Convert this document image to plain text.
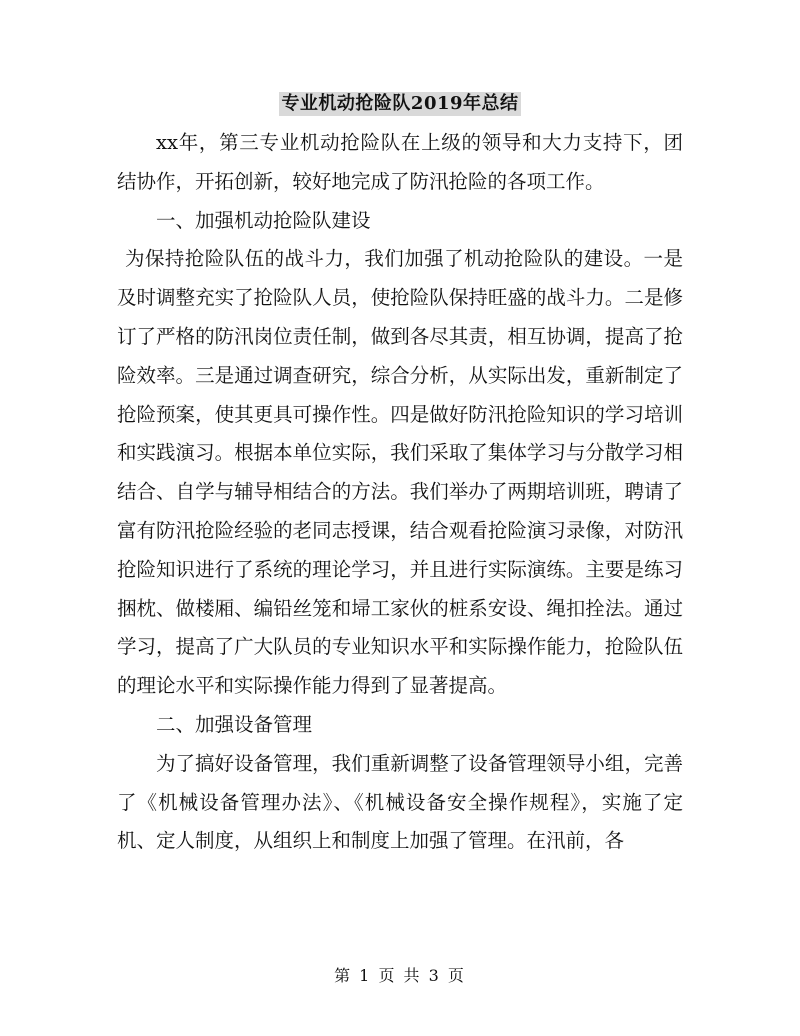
专业机动抢险队2019年总结

xx年，第三专业机动抢险队在上级的领导和大力支持下，团结协作，开拓创新，较好地完成了防汛抢险的各项工作。

一、加强机动抢险队建设

为保持抢险队伍的战斗力，我们加强了机动抢险队的建设。一是及时调整充实了抢险队人员，使抢险队保持旺盛的战斗力。二是修订了严格的防汛岗位责任制，做到各尽其责，相互协调，提高了抢险效率。三是通过调查研究，综合分析，从实际出发，重新制定了抢险预案，使其更具可操作性。四是做好防汛抢险知识的学习培训和实践演习。根据本单位实际，我们采取了集体学习与分散学习相结合、自学与辅导相结合的方法。我们举办了两期培训班，聘请了富有防汛抢险经验的老同志授课，结合观看抢险演习录像，对防汛抢险知识进行了系统的理论学习，并且进行实际演练。主要是练习捆枕、做楼厢、编铅丝笼和埽工家伙的桩系安设、绳扣拴法。通过学习，提高了广大队员的专业知识水平和实际操作能力，抢险队伍的理论水平和实际操作能力得到了显著提高。

二、加强设备管理

为了搞好设备管理，我们重新调整了设备管理领导小组，完善了《机械设备管理办法》、《机械设备安全操作规程》，实施了定机、定人制度，从组织上和制度上加强了管理。在汛前，各

第 1 页 共 3 页
